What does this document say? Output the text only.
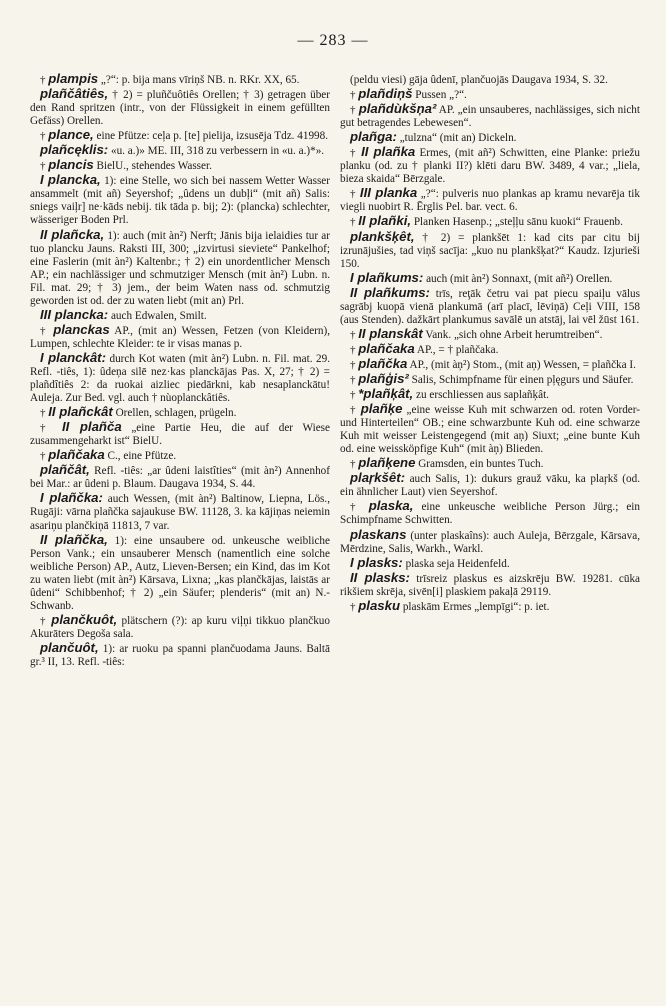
— 283 —
† plampis „?“: p. bija mans vīriņš NB. n. RKr. XX, 65.
plañčâtiês, † 2) = pluñčuôtiês Orellen; † 3) getragen über den Rand spritzen (intr., von der Flüssigkeit in einem gefüllten Gefäss) Orellen.
† plance, eine Pfütze: ceļa p. [te] pielija, izsusēja Tdz. 41998.
plañcęklis: «u. a.)» ME. III, 318 zu verbessern in «u. a.)*».
† plancis BielU., stehendes Wasser.
I plancka, 1): eine Stelle, wo sich bei nassem Wetter Wasser ansammelt (mit añ) Seyershof; „ûdens un dubļi“ (mit añ) Salis: sniegs vaiļr] ne·kāds nebij. tik tāda p. bij; 2): (plancka) schlechter, wässeriger Boden Prl.
II plañcka, 1): auch (mit àn²) Nerft; Jānis bija ielaidies tur ar tuo plancku Jauns. Raksti III, 300; „izvirtusi sieviete“ Pankelhof; eine Faslerin (mit àn²) Kaltenbr.; † 2) ein unordentlicher Mensch AP.; ein nachlässiger und schmutziger Mensch (mit àn²) Lubn. n. Fil. mat. 29; † 3) jem., der beim Waten nass od. schmutzig geworden ist od. der zu waten liebt (mit an) Prl.
III plancka: auch Edwalen, Smilt.
† planckas AP., (mit an) Wessen, Fetzen (von Kleidern), Lumpen, schlechte Kleider: te ir visas manas p.
I planckât: durch Kot waten (mit àn²) Lubn. n. Fil. mat. 29. Refl. -tiês, 1): ûdeņa silē nez·kas planckājas Pas. X, 27; † 2) = plañdîtiês 2: da ruokai aizliec piedārkni, kab nesaplanckātu! Auleja. Zur Bed. vgl. auch † nùoplanckâtiês.
† II plañckât Orellen, schlagen, prügeln.
† II plañča „eine Partie Heu, die auf der Wiese zusammengeharkt ist“ BielU.
† plañčaka C., eine Pfütze.
plañčât, Refl. -tiês: „ar ûdeni laistîties“ (mit àn²) Annenhof bei Mar.: ar ûdeni p. Blaum. Daugava 1934, S. 44.
I plañčka: auch Wessen, (mit àn²) Baltinow, Liepna, Lös., Rugāji: vārna plañčka sajaukuse BW. 11128, 3. ka kājiņas neiemin asariņu plančkiņā 11813, 7 var.
II plañčka, 1): eine unsaubere od. unkeusche weibliche Person Vank.; ein unsauberer Mensch (namentlich eine solche weibliche Person) AP., Autz, Lieven-Bersen; ein Kind, das im Kot zu waten liebt (mit àn²) Kārsava, Lixna; „kas plančkājas, laistās ar ûdeni“ Schibbenhof; † 2) „ein Säufer; plenderis“ (mit an) N.-Schwanb.
† plančkuôt, plätschern (?): ap kuru viļņi tikkuo plančkuo Akurāters Degoša sala.
plančuôt, 1): ar ruoku pa spanni plančuodama Jauns. Baltā gr.³ II, 13. Refl. -tiês:
(peldu viesi) gāja ûdenī, plančuojās Daugava 1934, S. 32.
† plañdiņš Pussen „?“.
† plañdùkšņa² AP. „ein unsauberes, nachlässiges, sich nicht gut betragendes Lebewesen“.
plañga: „tulzna“ (mit an) Dickeln.
† II plañka Ermes, (mit añ²) Schwitten, eine Planke: priežu planku (od. zu † planki II?) klēti daru BW. 3489, 4 var.; „liela, bieza skaida“ Bērzgale.
† III planka „?“: pulveris nuo plankas ap kramu nevarēja tik viegli nuobirt R. Ērglis Pel. bar. vect. 6.
† II plañki, Planken Hasenp.; „steļļu sānu kuoki“ Frauenb.
plankšķêt, † 2) = plankšēt 1: kad cits par citu bij izrunājušies, tad viņš sacīja: „kuo nu plankšķat?“ Kaudz. Izjurieši 150.
I plañkums: auch (mit àn²) Sonnaxt, (mit añ²) Orellen.
II plañkums: trīs, reţāk četru vai pat piecu spaiļu vālus sagrābj kuopā vienā plankumā (arī placī, lēviņā) Ceļi VIII, 158 (aus Stenden). dažkārt plankumus savālē un atstāj, lai vēl žūst 161.
† II planskât Vank. „sich ohne Arbeit herumtreiben“.
† plañčaka AP., = † plañčaka.
† plañčka AP., (mit àņ²) Stom., (mit aņ) Wessen, = plañčka I.
† plañģis² Salis, Schimpfname für einen pļęgurs und Säufer.
† *plañķât, zu erschliessen aus saplañķât.
† plañķe „eine weisse Kuh mit schwarzen od. roten Vorder- und Hinterteilen“ OB.; eine schwarzbunte Kuh od. eine schwarze Kuh mit weisser Leistengegend (mit aņ) Siuxt; „eine bunte Kuh od. eine weissköpfige Kuh“ (mit àņ) Blieden.
† plañķene Gramsden, ein buntes Tuch.
plaŗkšêt: auch Salis, 1): dukurs grauž vāku, ka plaŗkš (od. ein ähnlicher Laut) vien Seyershof.
† plaska, eine unkeusche weibliche Person Jürg.; ein Schimpfname Schwitten.
plaskans (unter plaskaîns): auch Auleja, Bērzgale, Kārsava, Mērdzine, Salis, Warkh., Warkl.
I plasks: plaska seja Heidenfeld.
II plasks: trīsreiz plaskus es aizskrēju BW. 19281. cūka rikšiem skrēja, sivēn[i] plaskiem pakaļā 29119.
† plasku plaskām Ermes „lempīgi“: p. iet.
